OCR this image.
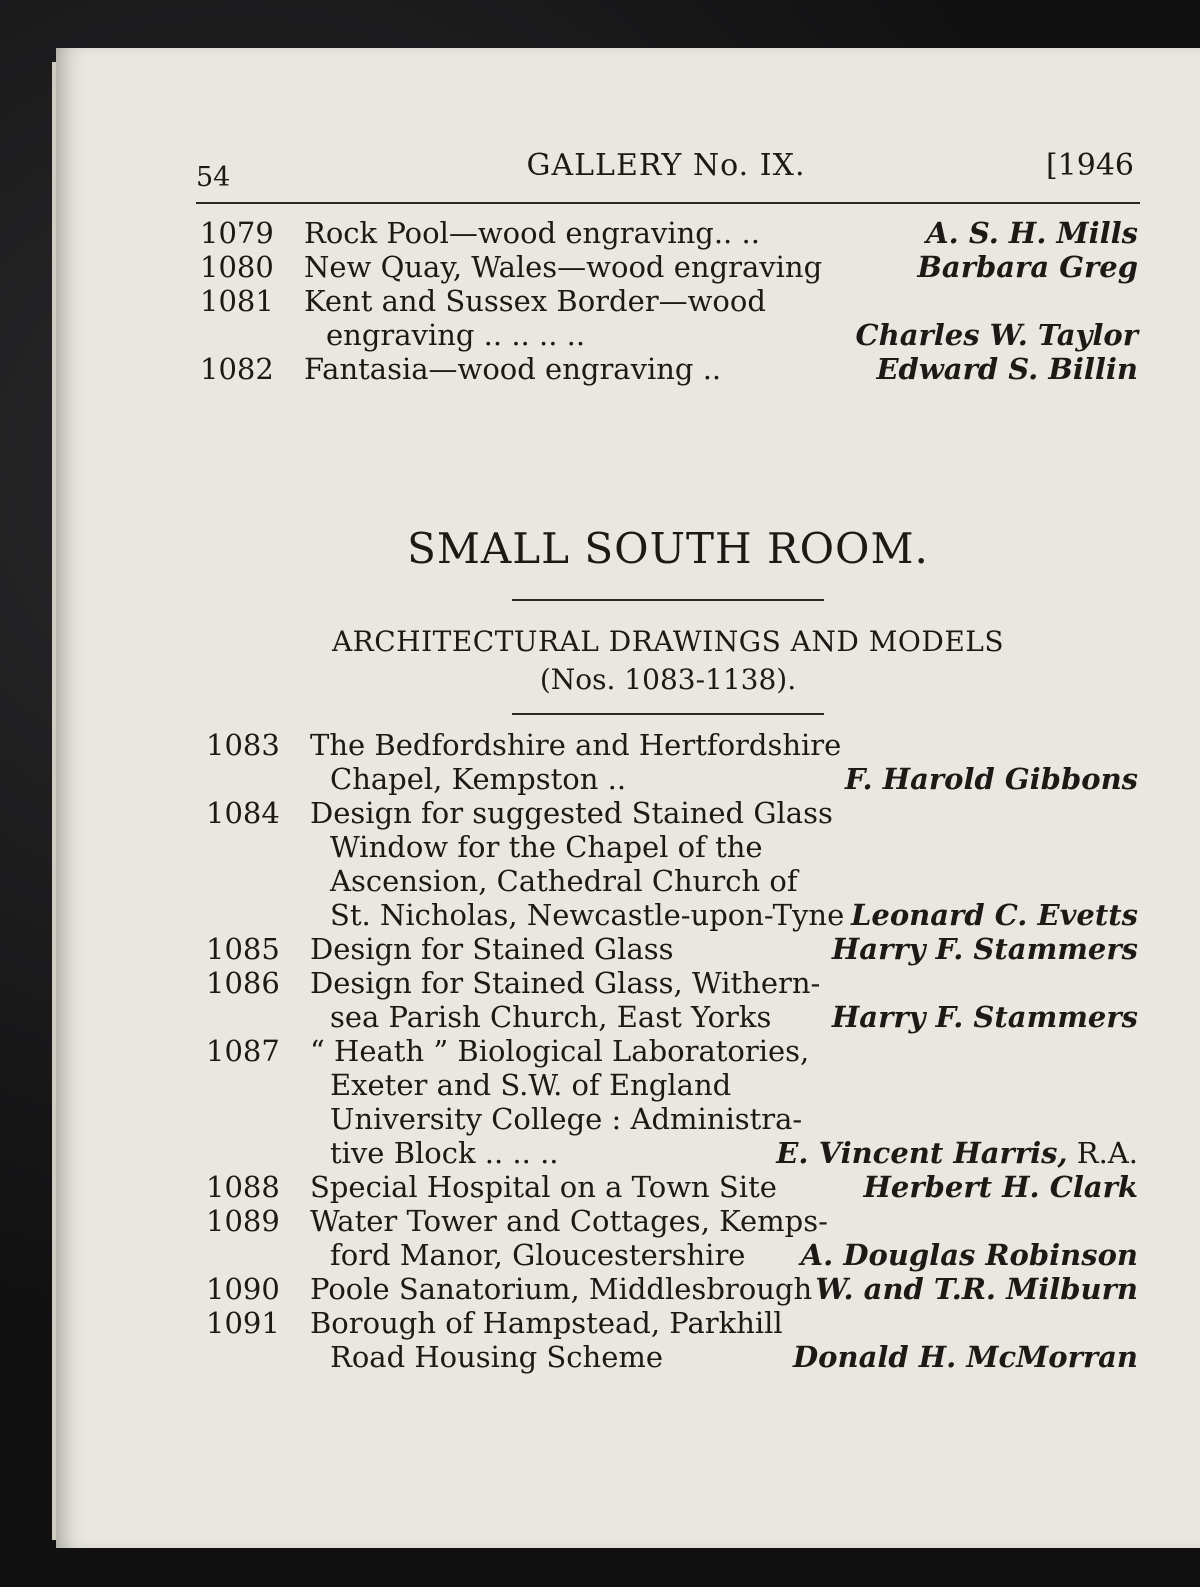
54	GALLERY No. IX.	[1946
1079 Rock Pool—wood engraving.. ..	A. S. H. Mills
1080 New Quay, Wales—wood engraving	Barbara Greg
1081 Kent and Sussex Border—wood
engraving .. .. .. ..	Charles W. Taylor
1082 Fantasia—wood engraving ..	Edward S. Billin
SMALL SOUTH ROOM.
ARCHITECTURAL DRAWINGS AND MODELS
(Nos. 1083-1138).
1083 The Bedfordshire and Hertfordshire
Chapel, Kempston ..	F. Harold Gibbons
1084 Design for suggested Stained Glass
Window for the Chapel of the
Ascension, Cathedral Church of
St. Nicholas, Newcastle-upon-Tyne Leonard C. Evetts
1085 Design for Stained Glass	Harry F. Stammers
1086 Design for Stained Glass, Withern-
sea Parish Church, East Yorks Harry F. Stammers
1087 “ Heath ” Biological Laboratories,
Exeter and S.W. of England
University College : Administra-
tive Block .. .. ..	E. Vincent Harris, R.A.
1088 Special Hospital on a Town Site	Herbert H. Clark
1089 Water Tower and Cottages, Kemps-
ford Manor, Gloucestershire A. Douglas Robinson
1090 Poole Sanatorium, Middlesbrough W. and T.R. Milburn
1091 Borough of Hampstead, Parkhill
Road Housing Scheme	Donald H. McMorran
